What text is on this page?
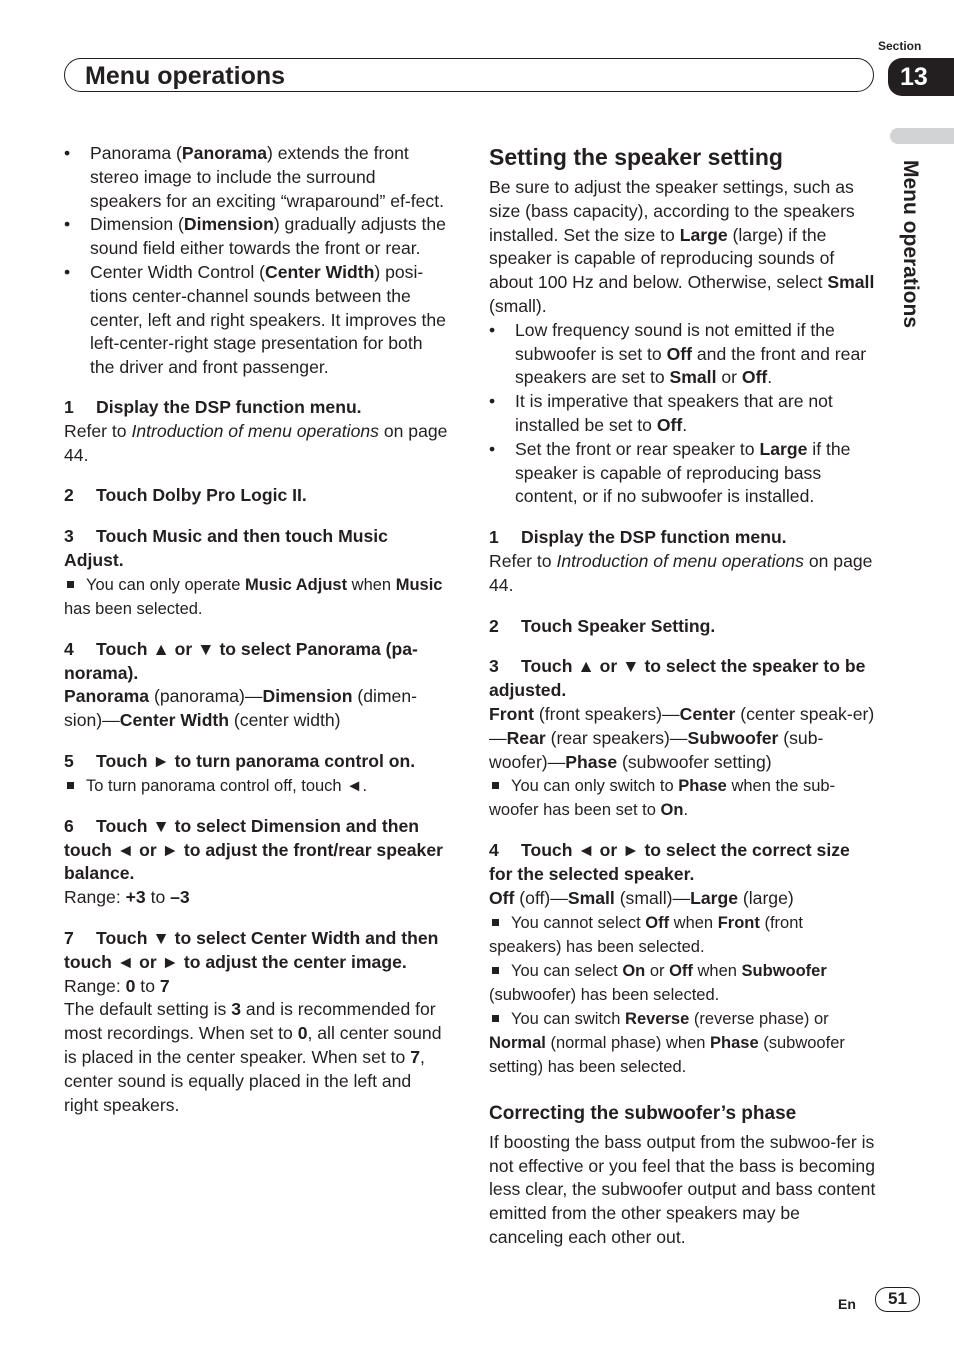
Menu operations
Section
13
Menu operations
• Panorama (Panorama) extends the front stereo image to include the surround speakers for an exciting “wraparound” ef-fect.
• Dimension (Dimension) gradually adjusts the sound field either towards the front or rear.
• Center Width Control (Center Width) posi-tions center-channel sounds between the center, left and right speakers. It improves the left-center-right stage presentation for both the driver and front passenger.

1 Display the DSP function menu.

Refer to Introduction of menu operations on page 44.

2 Touch Dolby Pro Logic II.

3 Touch Music and then touch Music Adjust.

You can only operate Music Adjust when Music has been selected.

4 Touch ▲ or ▼ to select Panorama (pa-norama).

Panorama (panorama)—Dimension (dimen-sion)—Center Width (center width)

5 Touch ► to turn panorama control on.

To turn panorama control off, touch ◄.

6 Touch ▼ to select Dimension and then touch ◄ or ► to adjust the front/rear speaker balance.

Range: +3 to –3

7 Touch ▼ to select Center Width and then touch ◄ or ► to adjust the center image.

Range: 0 to 7

The default setting is 3 and is recommended for most recordings. When set to 0, all center sound is placed in the center speaker. When set to 7, center sound is equally placed in the left and right speakers.

Setting the speaker setting

Be sure to adjust the speaker settings, such as size (bass capacity), according to the speakers installed. Set the size to Large (large) if the speaker is capable of reproducing sounds of about 100 Hz and below. Otherwise, select Small (small).

• Low frequency sound is not emitted if the subwoofer is set to Off and the front and rear speakers are set to Small or Off.
• It is imperative that speakers that are not installed be set to Off.
• Set the front or rear speaker to Large if the speaker is capable of reproducing bass content, or if no subwoofer is installed.

1 Display the DSP function menu.

Refer to Introduction of menu operations on page 44.

2 Touch Speaker Setting.

3 Touch ▲ or ▼ to select the speaker to be adjusted.

Front (front speakers)—Center (center speak-er)—Rear (rear speakers)—Subwoofer (sub-woofer)—Phase (subwoofer setting)

You can only switch to Phase when the sub-woofer has been set to On.

4 Touch ◄ or ► to select the correct size for the selected speaker.

Off (off)—Small (small)—Large (large)

You cannot select Off when Front (front speakers) has been selected.

You can select On or Off when Subwoofer (subwoofer) has been selected.

You can switch Reverse (reverse phase) or Normal (normal phase) when Phase (subwoofer setting) has been selected.

Correcting the subwoofer’s phase

If boosting the bass output from the subwoo-fer is not effective or you feel that the bass is becoming less clear, the subwoofer output and bass content emitted from the other speakers may be canceling each other out.

En	51
